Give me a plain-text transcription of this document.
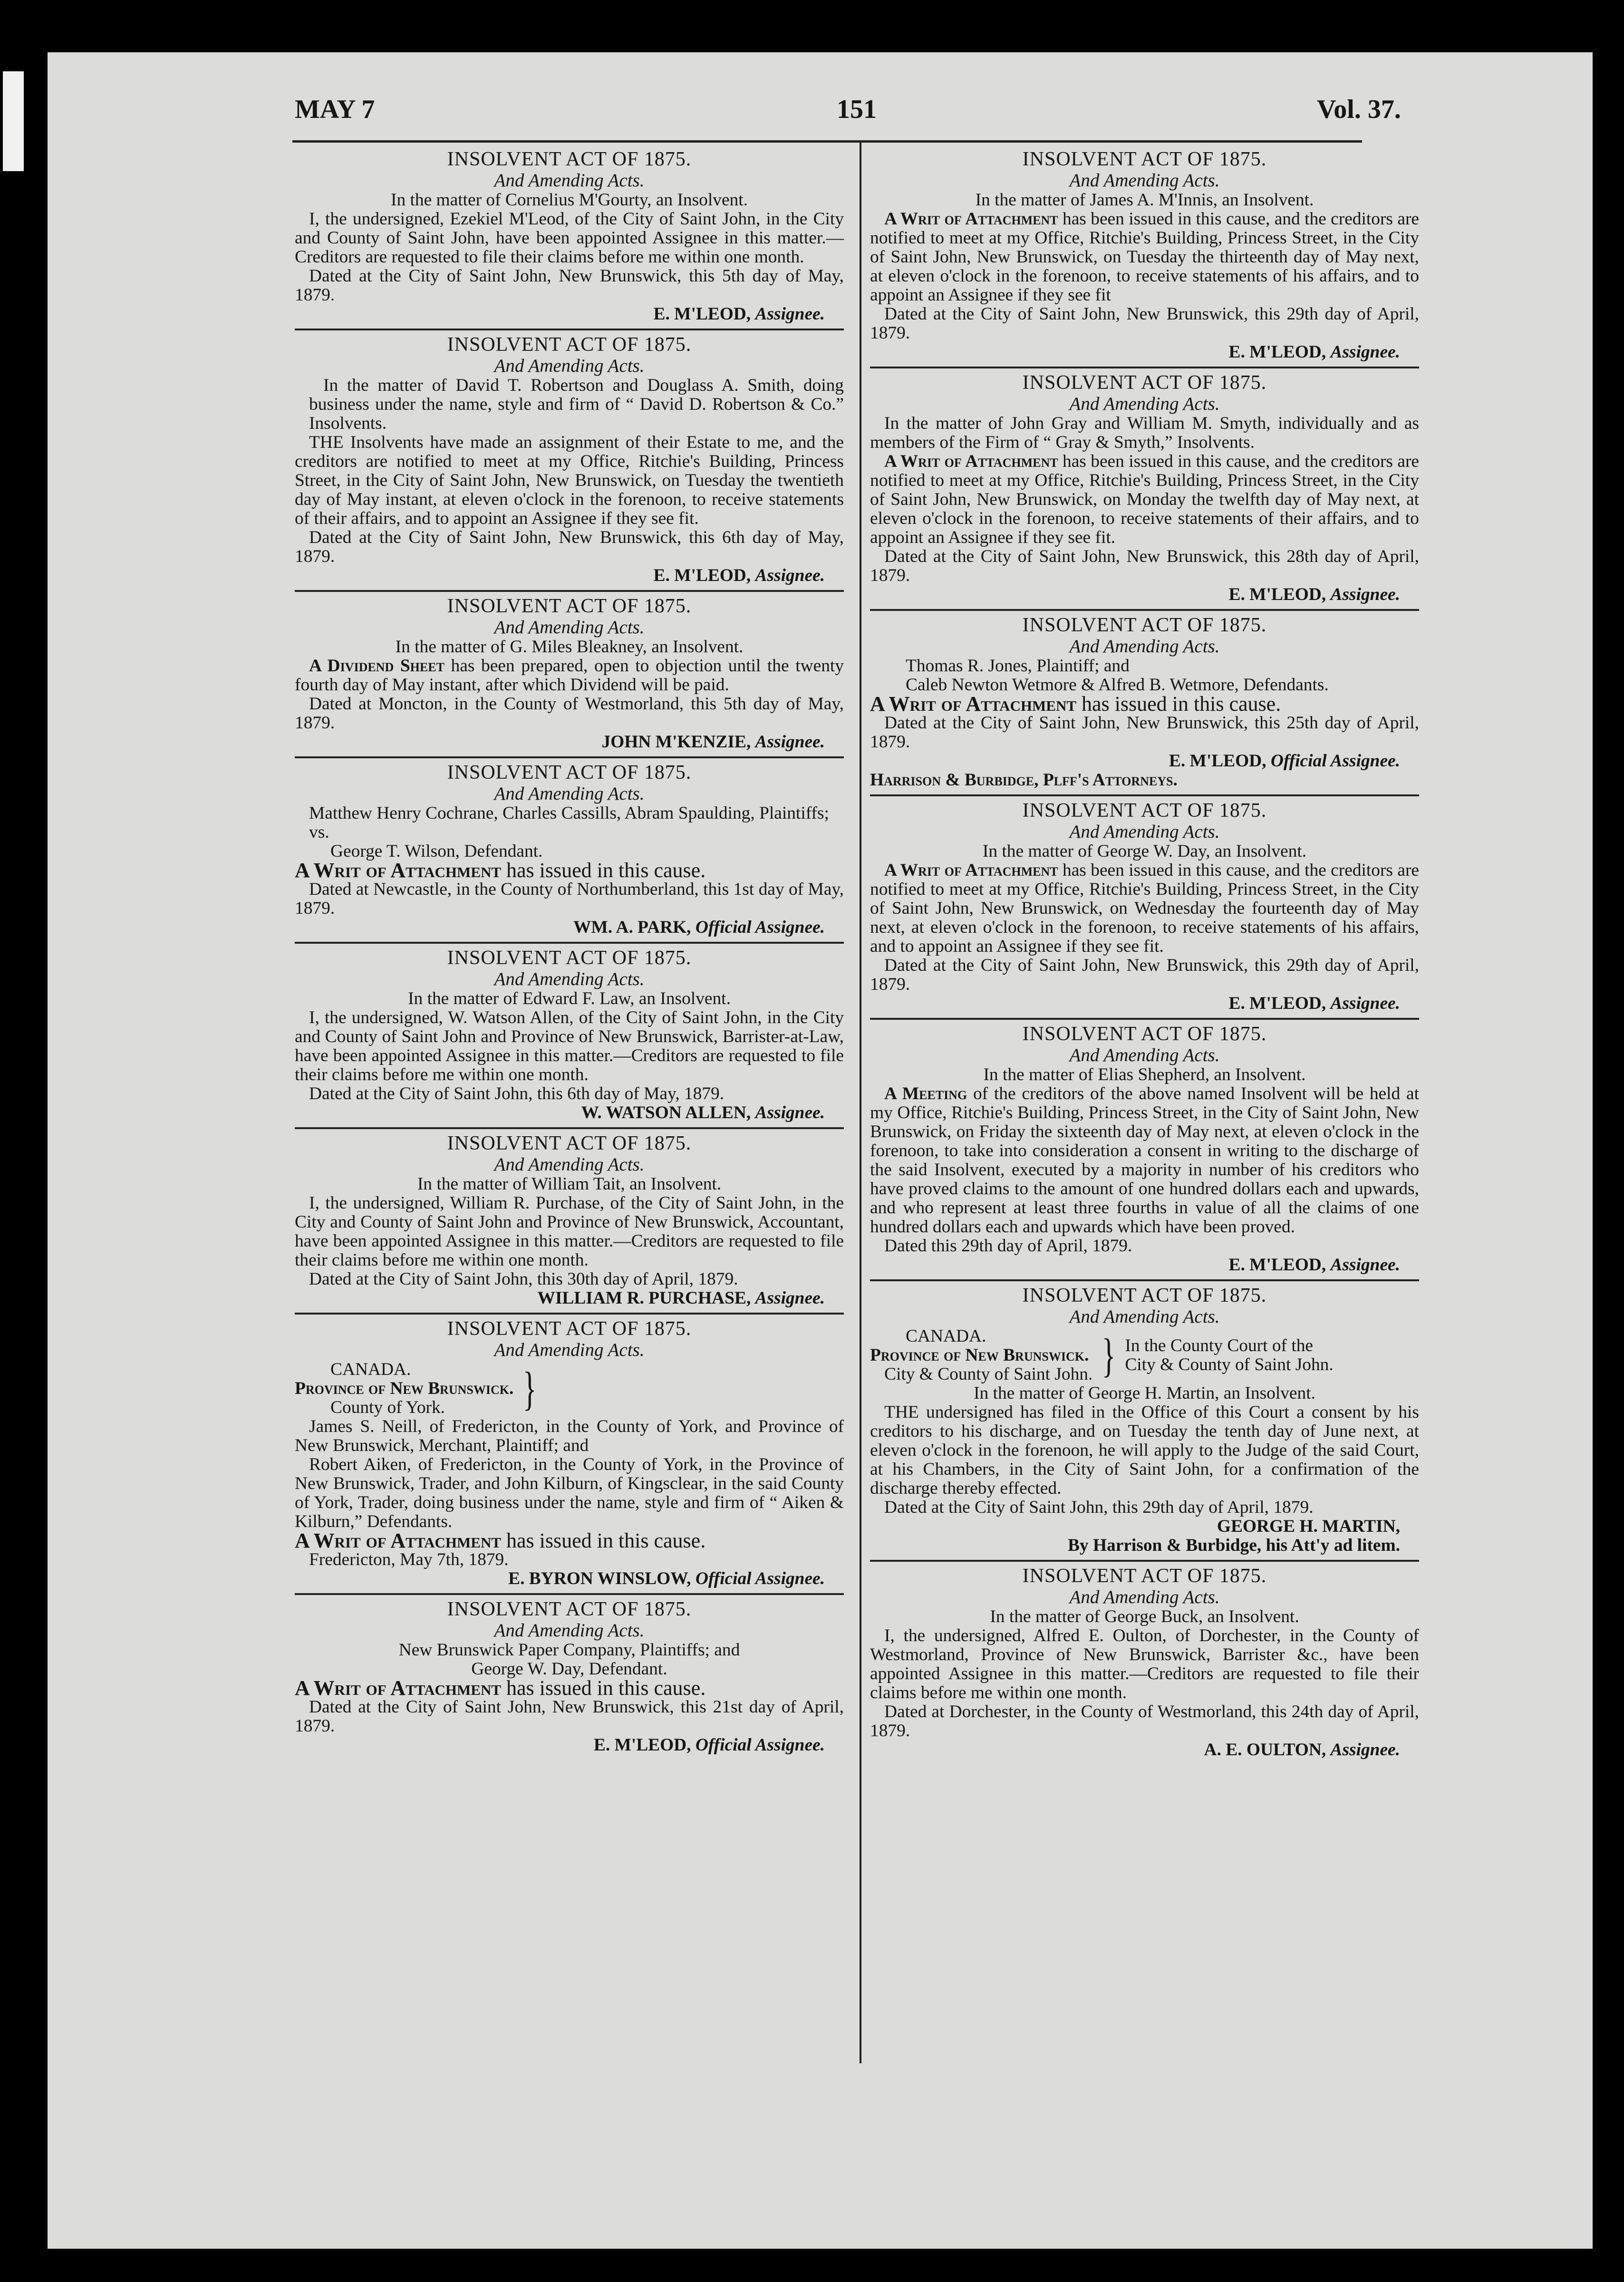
MAY 7	151	Vol. 37.
INSOLVENT ACT OF 1875.
And Amending Acts.
In the matter of Cornelius M'Gourty, an Insolvent.
I, the undersigned, Ezekiel M'Leod, of the City of Saint John, in the City and County of Saint John, have been appointed Assignee in this matter.—Creditors are requested to file their claims before me within one month.
Dated at the City of Saint John, New Brunswick, this 5th day of May, 1879.
E. M'LEOD, Assignee.
INSOLVENT ACT OF 1875.
And Amending Acts.
In the matter of David T. Robertson and Douglass A. Smith, doing business under the name, style and firm of “ David D. Robertson & Co.” Insolvents.
THE Insolvents have made an assignment of their Estate to me, and the creditors are notified to meet at my Office, Ritchie's Building, Princess Street, in the City of Saint John, New Brunswick, on Tuesday the twentieth day of May instant, at eleven o'clock in the forenoon, to receive statements of their affairs, and to appoint an Assignee if they see fit.
Dated at the City of Saint John, New Brunswick, this 6th day of May, 1879.
E. M'LEOD, Assignee.
INSOLVENT ACT OF 1875.
And Amending Acts.
In the matter of G. Miles Bleakney, an Insolvent.
A Dividend Sheet has been prepared, open to objection until the twenty fourth day of May instant, after which Dividend will be paid.
Dated at Moncton, in the County of Westmorland, this 5th day of May, 1879.
JOHN M'KENZIE, Assignee.
INSOLVENT ACT OF 1875.
And Amending Acts.
Matthew Henry Cochrane, Charles Cassills, Abram Spaulding, Plaintiffs; vs.
George T. Wilson, Defendant.
A Writ of Attachment has issued in this cause.
Dated at Newcastle, in the County of Northumberland, this 1st day of May, 1879.
WM. A. PARK, Official Assignee.
INSOLVENT ACT OF 1875.
And Amending Acts.
In the matter of Edward F. Law, an Insolvent.
I, the undersigned, W. Watson Allen, of the City of Saint John, in the City and County of Saint John and Province of New Brunswick, Barrister-at-Law, have been appointed Assignee in this matter.—Creditors are requested to file their claims before me within one month.
Dated at the City of Saint John, this 6th day of May, 1879.
W. WATSON ALLEN, Assignee.
INSOLVENT ACT OF 1875.
And Amending Acts.
In the matter of William Tait, an Insolvent.
I, the undersigned, William R. Purchase, of the City of Saint John, in the City and County of Saint John and Province of New Brunswick, Accountant, have been appointed Assignee in this matter.—Creditors are requested to file their claims before me within one month.
Dated at the City of Saint John, this 30th day of April, 1879.
WILLIAM R. PURCHASE, Assignee.
INSOLVENT ACT OF 1875.
And Amending Acts.
CANADA.
Province of New Brunswick.
County of York.	}
James S. Neill, of Fredericton, in the County of York, and Province of New Brunswick, Merchant, Plaintiff; and
Robert Aiken, of Fredericton, in the County of York, in the Province of New Brunswick, Trader, and John Kilburn, of Kingsclear, in the said County of York, Trader, doing business under the name, style and firm of “ Aiken & Kilburn,” Defendants.
A Writ of Attachment has issued in this cause.
Fredericton, May 7th, 1879.
E. BYRON WINSLOW, Official Assignee.
INSOLVENT ACT OF 1875.
And Amending Acts.
New Brunswick Paper Company, Plaintiffs; and
George W. Day, Defendant.
A Writ of Attachment has issued in this cause.
Dated at the City of Saint John, New Brunswick, this 21st day of April, 1879.
E. M'LEOD, Official Assignee.
INSOLVENT ACT OF 1875.
And Amending Acts.
In the matter of James A. M'Innis, an Insolvent.
A Writ of Attachment has been issued in this cause, and the creditors are notified to meet at my Office, Ritchie's Building, Princess Street, in the City of Saint John, New Brunswick, on Tuesday the thirteenth day of May next, at eleven o'clock in the forenoon, to receive statements of his affairs, and to appoint an Assignee if they see fit
Dated at the City of Saint John, New Brunswick, this 29th day of April, 1879.
E. M'LEOD, Assignee.
INSOLVENT ACT OF 1875.
And Amending Acts.
In the matter of John Gray and William M. Smyth, individually and as members of the Firm of “ Gray & Smyth,” Insolvents.
A Writ of Attachment has been issued in this cause, and the creditors are notified to meet at my Office, Ritchie's Building, Princess Street, in the City of Saint John, New Brunswick, on Monday the twelfth day of May next, at eleven o'clock in the forenoon, to receive statements of their affairs, and to appoint an Assignee if they see fit.
Dated at the City of Saint John, New Brunswick, this 28th day of April, 1879.
E. M'LEOD, Assignee.
INSOLVENT ACT OF 1875.
And Amending Acts.
Thomas R. Jones, Plaintiff; and
Caleb Newton Wetmore & Alfred B. Wetmore, Defendants.
A Writ of Attachment has issued in this cause.
Dated at the City of Saint John, New Brunswick, this 25th day of April, 1879.
E. M'LEOD, Official Assignee.
Harrison & Burbidge, Plff's Attorneys.
INSOLVENT ACT OF 1875.
And Amending Acts.
In the matter of George W. Day, an Insolvent.
A Writ of Attachment has been issued in this cause, and the creditors are notified to meet at my Office, Ritchie's Building, Princess Street, in the City of Saint John, New Brunswick, on Wednesday the fourteenth day of May next, at eleven o'clock in the forenoon, to receive statements of his affairs, and to appoint an Assignee if they see fit.
Dated at the City of Saint John, New Brunswick, this 29th day of April, 1879.
E. M'LEOD, Assignee.
INSOLVENT ACT OF 1875.
And Amending Acts.
In the matter of Elias Shepherd, an Insolvent.
A Meeting of the creditors of the above named Insolvent will be held at my Office, Ritchie's Building, Princess Street, in the City of Saint John, New Brunswick, on Friday the sixteenth day of May next, at eleven o'clock in the forenoon, to take into consideration a consent in writing to the discharge of the said Insolvent, executed by a majority in number of his creditors who have proved claims to the amount of one hundred dollars each and upwards, and who represent at least three fourths in value of all the claims of one hundred dollars each and upwards which have been proved.
Dated this 29th day of April, 1879.
E. M'LEOD, Assignee.
INSOLVENT ACT OF 1875.
And Amending Acts.
CANADA.
Province of New Brunswick.
City & County of Saint John. } In the County Court of the
City & County of Saint John.
In the matter of George H. Martin, an Insolvent.
THE undersigned has filed in the Office of this Court a consent by his creditors to his discharge, and on Tuesday the tenth day of June next, at eleven o'clock in the forenoon, he will apply to the Judge of the said Court, at his Chambers, in the City of Saint John, for a confirmation of the discharge thereby effected.
Dated at the City of Saint John, this 29th day of April, 1879.
GEORGE H. MARTIN,
By Harrison & Burbidge, his Att'y ad litem.
INSOLVENT ACT OF 1875.
And Amending Acts.
In the matter of George Buck, an Insolvent.
I, the undersigned, Alfred E. Oulton, of Dorchester, in the County of Westmorland, Province of New Brunswick, Barrister &c., have been appointed Assignee in this matter.—Creditors are requested to file their claims before me within one month.
Dated at Dorchester, in the County of Westmorland, this 24th day of April, 1879.
A. E. OULTON, Assignee.
